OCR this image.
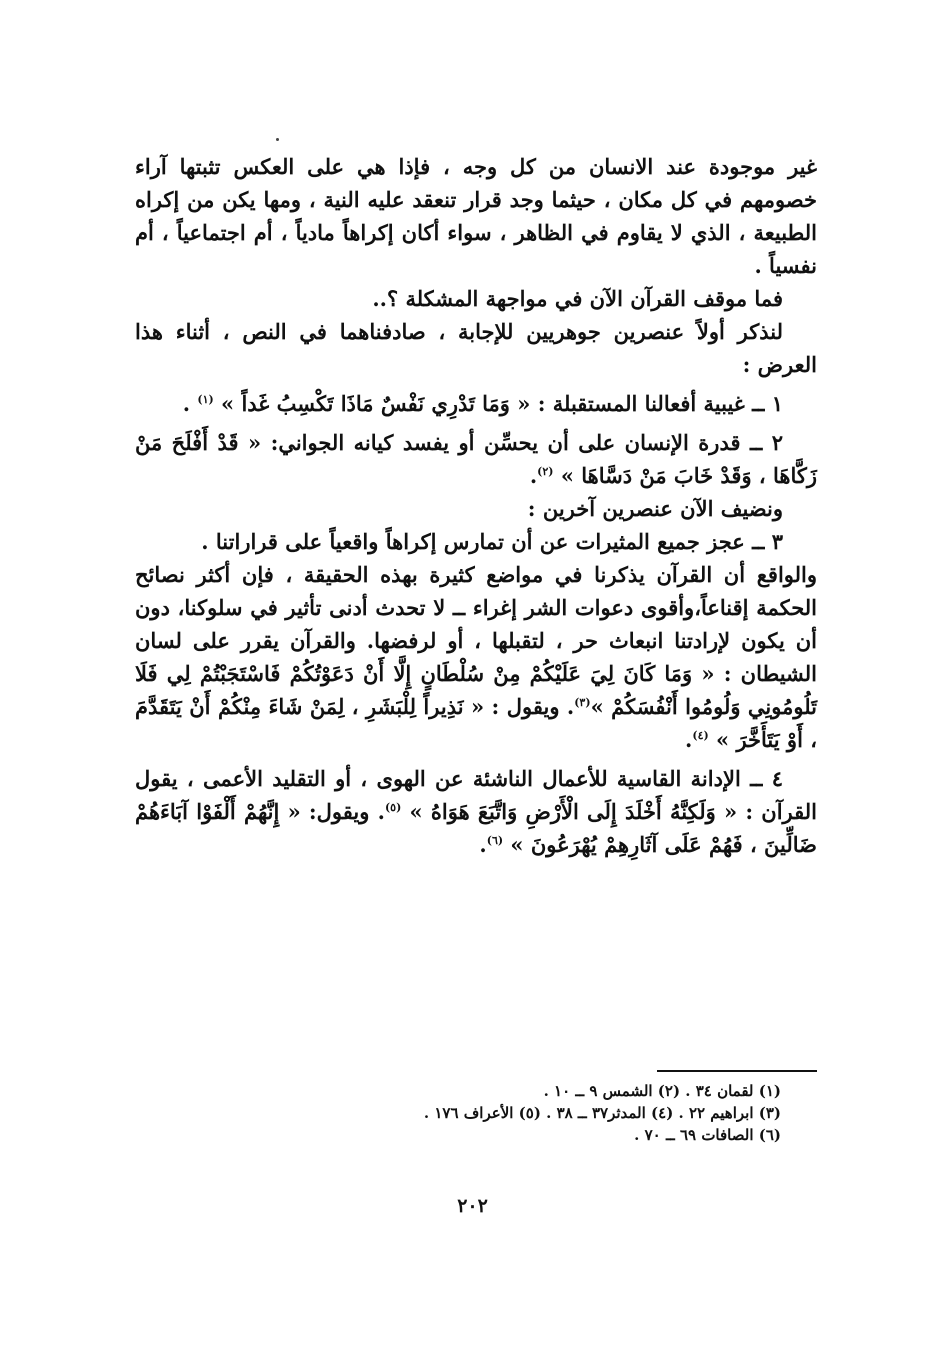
غير موجودة عند الانسان من كل وجه ، فإذا هي على العكس تثبتها آراء خصومهم في كل مكان ، حيثما وجد قرار تنعقد عليه النية ، ومها يكن من إكراه الطبيعة ، الذي لا يقاوم في الظاهر ، سواء أكان إكراهاً مادياً ، أم اجتماعياً ، أم نفسياً .

فما موقف القرآن الآن في مواجهة المشكلة ؟..

لنذكر أولاً عنصرين جوهريين للإجابة ، صادفناهما في النص ، أثناء هذا العرض :

١ ــ غيبية أفعالنا المستقبلة : « وَمَا تَدْرِي نَفْسٌ مَاذَا تَكْسِبُ غَداً » $^{(١)}$ .

٢ ــ قدرة الإنسان على أن يحسِّن أو يفسد كيانه الجواني: « قَدْ أَفْلَحَ مَنْ زَكَّاهَا ، وَقَدْ خَابَ مَنْ دَسَّاهَا » $^{(٢)}$.

ونضيف الآن عنصرين آخرين :

٣ ــ عجز جميع المثيرات عن أن تمارس إكراهاً واقعياً على قراراتنا .

والواقع أن القرآن يذكرنا في مواضع كثيرة بهذه الحقيقة ، فإن أكثر نصائح الحكمة إقناعاً،وأقوى دعوات الشر إغراء ــ لا تحدث أدنى تأثير في سلوكنا، دون أن يكون لإرادتنا انبعاث حر ، لتقبلها ، أو لرفضها. والقرآن يقرر على لسان الشيطان : « وَمَا كَانَ لِيَ عَلَيْكُمْ مِنْ سُلْطَانٍ إِلَّا أَنْ دَعَوْتُكُمْ فَاسْتَجَبْتُمْ لِي فَلَا تَلُومُونِي وَلُومُوا أَنْفُسَكُمْ »$^{(٣)}$. ويقول : « نَذِيراً لِلْبَشَرِ ، لِمَنْ شَاءَ مِنْكُمْ أَنْ يَتَقَدَّمَ ، أَوْ يَتَأَخَّرَ » $^{(٤)}$.

٤ ــ الإدانة القاسية للأعمال الناشئة عن الهوى ، أو التقليد الأعمى ، يقول القرآن : « وَلَكِنَّهُ أَخْلَدَ إِلَى الْأَرْضِ وَاتَّبَعَ هَوَاهُ » $^{(٥)}$. ويقول: « إِنَّهُمْ أَلْفَوْا آبَاءَهُمْ ضَالِّينَ ، فَهُمْ عَلَى آثَارِهِمْ يُهْرَعُونَ » $^{(٦)}$.

(١) لقمان ٣٤ . (٢) الشمس ٩ ــ ١٠ .

(٣) ابراهيم ٢٢ . (٤) المدثر٣٧ ــ ٣٨ . (٥) الأعراف ١٧٦ .

(٦) الصافات ٦٩ ــ ٧٠ .

٢٠٢
